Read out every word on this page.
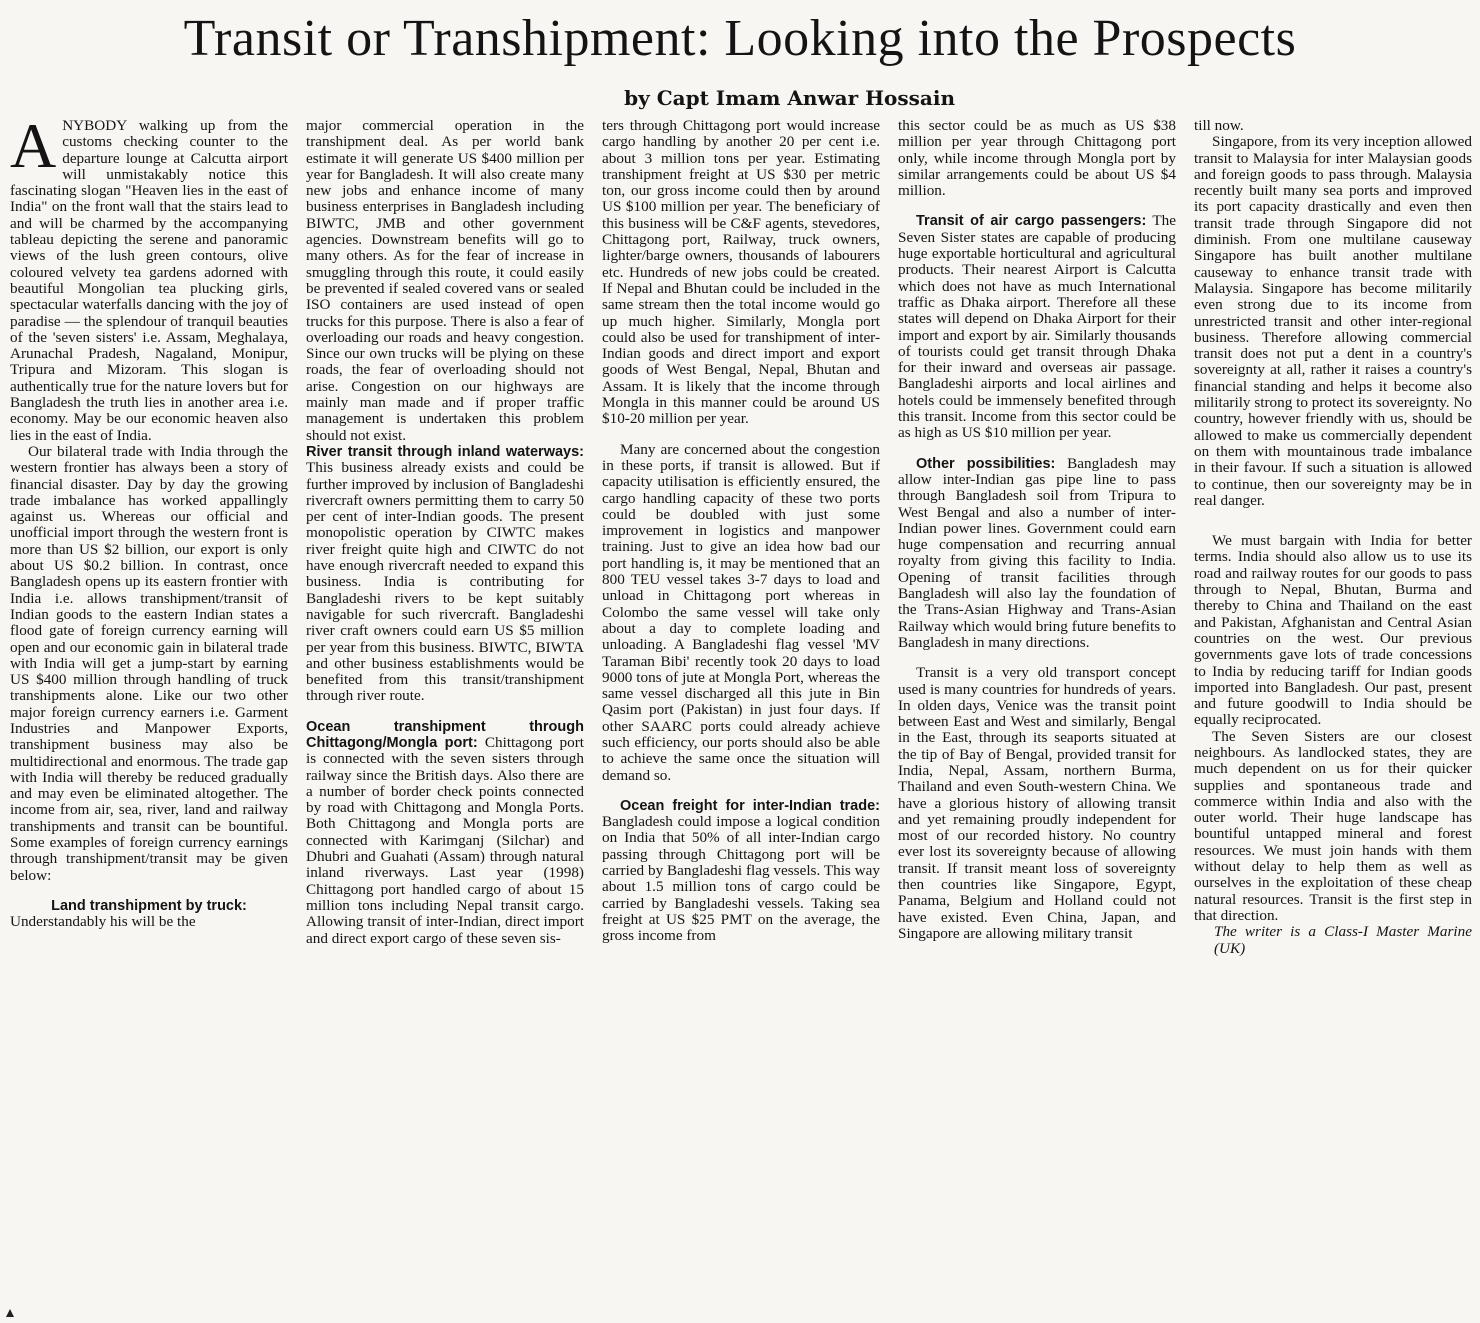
Transit or Transhipment: Looking into the Prospects
by Capt Imam Anwar Hossain

ANYBODY walking up from the customs checking counter to the departure lounge at Calcutta airport will unmistakably notice this fascinating slogan "Heaven lies in the east of India" on the front wall that the stairs lead to and will be charmed by the accompanying tableau depicting the serene and panoramic views of the lush green contours, olive coloured velvety tea gardens adorned with beautiful Mongolian tea plucking girls, spectacular waterfalls dancing with the joy of paradise — the splendour of tranquil beauties of the 'seven sisters' i.e. Assam, Meghalaya, Arunachal Pradesh, Nagaland, Monipur, Tripura and Mizoram. This slogan is authentically true for the nature lovers but for Bangladesh the truth lies in another area i.e. economy. May be our economic heaven also lies in the east of India.

Our bilateral trade with India through the western frontier has always been a story of financial disaster. Day by day the growing trade imbalance has worked appallingly against us. Whereas our official and unofficial import through the western front is more than US $2 billion, our export is only about US $0.2 billion. In contrast, once Bangladesh opens up its eastern frontier with India i.e. allows transhipment/transit of Indian goods to the eastern Indian states a flood gate of foreign currency earning will open and our economic gain in bilateral trade with India will get a jump-start by earning US $400 million through handling of truck transhipments alone. Like our two other major foreign currency earners i.e. Garment Industries and Manpower Exports, transhipment business may also be multidirectional and enormous. The trade gap with India will thereby be reduced gradually and may even be eliminated altogether. The income from air, sea, river, land and railway transhipments and transit can be bountiful. Some examples of foreign currency earnings through transhipment/transit may be given below:

Land transhipment by truck:

Understandably his will be the

major commercial operation in the transhipment deal. As per world bank estimate it will generate US $400 million per year for Bangladesh. It will also create many new jobs and enhance income of many business enterprises in Bangladesh including BIWTC, JMB and other government agencies. Downstream benefits will go to many others. As for the fear of increase in smuggling through this route, it could easily be prevented if sealed covered vans or sealed ISO containers are used instead of open trucks for this purpose. There is also a fear of overloading our roads and heavy congestion. Since our own trucks will be plying on these roads, the fear of overloading should not arise. Congestion on our highways are mainly man made and if proper traffic management is undertaken this problem should not exist.

River transit through inland waterways: This business already exists and could be further improved by inclusion of Bangladeshi rivercraft owners permitting them to carry 50 per cent of inter-Indian goods. The present monopolistic operation by CIWTC makes river freight quite high and CIWTC do not have enough rivercraft needed to expand this business. India is contributing for Bangladeshi rivers to be kept suitably navigable for such rivercraft. Bangladeshi river craft owners could earn US $5 million per year from this business. BIWTC, BIWTA and other business establishments would be benefited from this transit/transhipment through river route.

Ocean transhipment through Chittagong/Mongla port: Chittagong port is connected with the seven sisters through railway since the British days. Also there are a number of border check points connected by road with Chittagong and Mongla Ports. Both Chittagong and Mongla ports are connected with Karimganj (Silchar) and Dhubri and Guahati (Assam) through natural inland riverways. Last year (1998) Chittagong port handled cargo of about 15 million tons including Nepal transit cargo. Allowing transit of inter-Indian, direct import and direct export cargo of these seven sis-

ters through Chittagong port would increase cargo handling by another 20 per cent i.e. about 3 million tons per year. Estimating transhipment freight at US $30 per metric ton, our gross income could then by around US $100 million per year. The beneficiary of this business will be C&F agents, stevedores, Chittagong port, Railway, truck owners, lighter/barge owners, thousands of labourers etc. Hundreds of new jobs could be created. If Nepal and Bhutan could be included in the same stream then the total income would go up much higher. Similarly, Mongla port could also be used for transhipment of inter-Indian goods and direct import and export goods of West Bengal, Nepal, Bhutan and Assam. It is likely that the income through Mongla in this manner could be around US $10-20 million per year.

Many are concerned about the congestion in these ports, if transit is allowed. But if capacity utilisation is efficiently ensured, the cargo handling capacity of these two ports could be doubled with just some improvement in logistics and manpower training. Just to give an idea how bad our port handling is, it may be mentioned that an 800 TEU vessel takes 3-7 days to load and unload in Chittagong port whereas in Colombo the same vessel will take only about a day to complete loading and unloading. A Bangladeshi flag vessel 'MV Taraman Bibi' recently took 20 days to load 9000 tons of jute at Mongla Port, whereas the same vessel discharged all this jute in Bin Qasim port (Pakistan) in just four days. If other SAARC ports could already achieve such efficiency, our ports should also be able to achieve the same once the situation will demand so.

Ocean freight for inter-Indian trade: Bangladesh could impose a logical condition on India that 50% of all inter-Indian cargo passing through Chittagong port will be carried by Bangladeshi flag vessels. This way about 1.5 million tons of cargo could be carried by Bangladeshi vessels. Taking sea freight at US $25 PMT on the average, the gross income from

this sector could be as much as US $38 million per year through Chittagong port only, while income through Mongla port by similar arrangements could be about US $4 million.

Transit of air cargo passengers: The Seven Sister states are capable of producing huge exportable horticultural and agricultural products. Their nearest Airport is Calcutta which does not have as much International traffic as Dhaka airport. Therefore all these states will depend on Dhaka Airport for their import and export by air. Similarly thousands of tourists could get transit through Dhaka for their inward and overseas air passage. Bangladeshi airports and local airlines and hotels could be immensely benefited through this transit. Income from this sector could be as high as US $10 million per year.

Other possibilities: Bangladesh may allow inter-Indian gas pipe line to pass through Bangladesh soil from Tripura to West Bengal and also a number of inter-Indian power lines. Government could earn huge compensation and recurring annual royalty from giving this facility to India. Opening of transit facilities through Bangladesh will also lay the foundation of the Trans-Asian Highway and Trans-Asian Railway which would bring future benefits to Bangladesh in many directions.

Transit is a very old transport concept used is many countries for hundreds of years. In olden days, Venice was the transit point between East and West and similarly, Bengal in the East, through its seaports situated at the tip of Bay of Bengal, provided transit for India, Nepal, Assam, northern Burma, Thailand and even South-western China. We have a glorious history of allowing transit and yet remaining proudly independent for most of our recorded history. No country ever lost its sovereignty because of allowing transit. If transit meant loss of sovereignty then countries like Singapore, Egypt, Panama, Belgium and Holland could not have existed. Even China, Japan, and Singapore are allowing military transit

till now.

Singapore, from its very inception allowed transit to Malaysia for inter Malaysian goods and foreign goods to pass through. Malaysia recently built many sea ports and improved its port capacity drastically and even then transit trade through Singapore did not diminish. From one multilane causeway Singapore has built another multilane causeway to enhance transit trade with Malaysia. Singapore has become militarily even strong due to its income from unrestricted transit and other inter-regional business. Therefore allowing commercial transit does not put a dent in a country's sovereignty at all, rather it raises a country's financial standing and helps it become also militarily strong to protect its sovereignty. No country, however friendly with us, should be allowed to make us commercially dependent on them with mountainous trade imbalance in their favour. If such a situation is allowed to continue, then our sovereignty may be in real danger.

We must bargain with India for better terms. India should also allow us to use its road and railway routes for our goods to pass through to Nepal, Bhutan, Burma and thereby to China and Thailand on the east and Pakistan, Afghanistan and Central Asian countries on the west. Our previous governments gave lots of trade concessions to India by reducing tariff for Indian goods imported into Bangladesh. Our past, present and future goodwill to India should be equally reciprocated.

The Seven Sisters are our closest neighbours. As landlocked states, they are much dependent on us for their quicker supplies and spontaneous trade and commerce within India and also with the outer world. Their huge landscape has bountiful untapped mineral and forest resources. We must join hands with them without delay to help them as well as ourselves in the exploitation of these cheap natural resources. Transit is the first step in that direction.

The writer is a Class-I Master Marine (UK)
